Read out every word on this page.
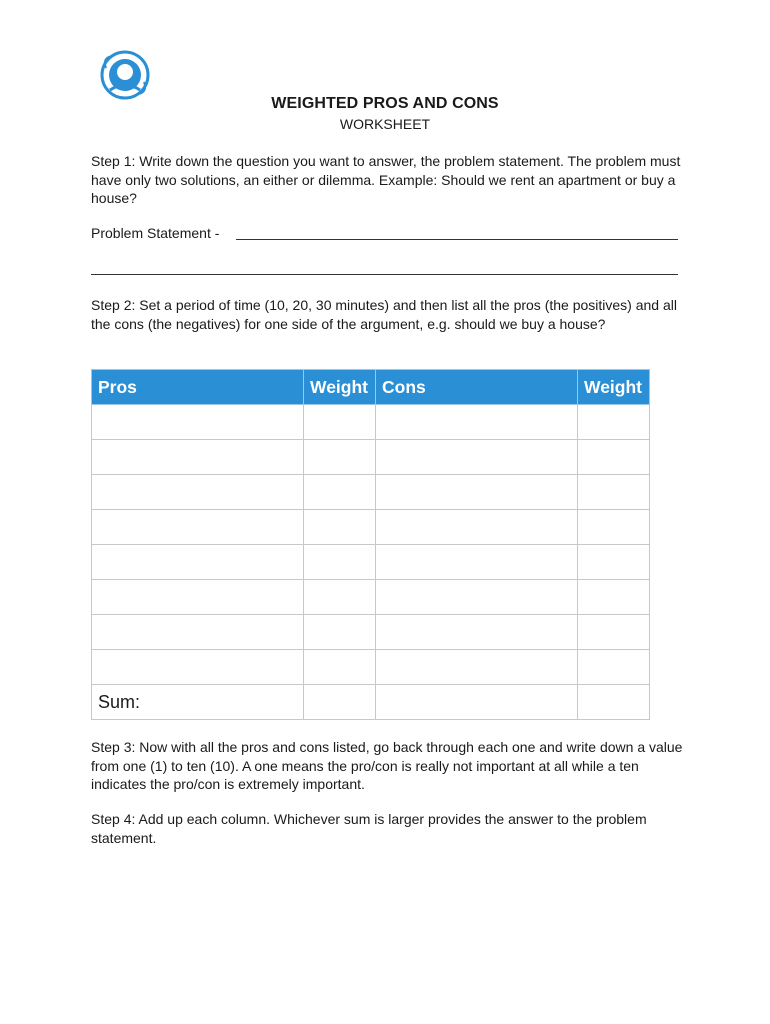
WEIGHTED PROS AND CONS
WORKSHEET

Step 1: Write down the question you want to answer, the problem statement. The problem must have only two solutions, an either or dilemma. Example: Should we rent an apartment or buy a house?

Problem Statement -

Step 2: Set a period of time (10, 20, 30 minutes) and then list all the pros (the positives) and all the cons (the negatives) for one side of the argument, e.g. should we buy a house?

Pros	Weight	Cons	Weight

Sum:			

Step 3: Now with all the pros and cons listed, go back through each one and write down a value from one (1) to ten (10). A one means the pro/con is really not important at all while a ten indicates the pro/con is extremely important.

Step 4: Add up each column. Whichever sum is larger provides the answer to the problem statement.
